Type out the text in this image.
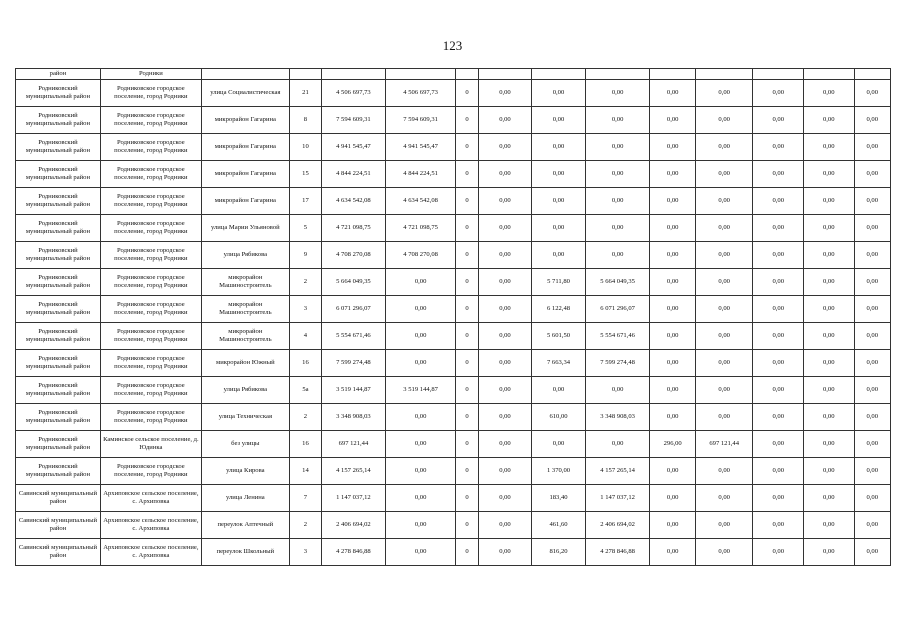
123
район	Родники													
Родниковский муниципальный район	Родниковское городское поселение, город Родники	улица Социалистическая	21	4 506 697,73	4 506 697,73	0	0,00	0,00	0,00	0,00	0,00	0,00	0,00	0,00
Родниковский муниципальный район	Родниковское городское поселение, город Родники	микрорайон Гагарина	8	7 594 609,31	7 594 609,31	0	0,00	0,00	0,00	0,00	0,00	0,00	0,00	0,00
Родниковский муниципальный район	Родниковское городское поселение, город Родники	микрорайон Гагарина	10	4 941 545,47	4 941 545,47	0	0,00	0,00	0,00	0,00	0,00	0,00	0,00	0,00
Родниковский муниципальный район	Родниковское городское поселение, город Родники	микрорайон Гагарина	15	4 844 224,51	4 844 224,51	0	0,00	0,00	0,00	0,00	0,00	0,00	0,00	0,00
Родниковский муниципальный район	Родниковское городское поселение, город Родники	микрорайон Гагарина	17	4 634 542,08	4 634 542,08	0	0,00	0,00	0,00	0,00	0,00	0,00	0,00	0,00
Родниковский муниципальный район	Родниковское городское поселение, город Родники	улица Марии Ульяновой	5	4 721 098,75	4 721 098,75	0	0,00	0,00	0,00	0,00	0,00	0,00	0,00	0,00
Родниковский муниципальный район	Родниковское городское поселение, город Родники	улица Рябикова	9	4 708 270,08	4 708 270,08	0	0,00	0,00	0,00	0,00	0,00	0,00	0,00	0,00
Родниковский муниципальный район	Родниковское городское поселение, город Родники	микрорайон Машиностроитель	2	5 664 049,35	0,00	0	0,00	5 711,80	5 664 049,35	0,00	0,00	0,00	0,00	0,00
Родниковский муниципальный район	Родниковское городское поселение, город Родники	микрорайон Машиностроитель	3	6 071 296,07	0,00	0	0,00	6 122,48	6 071 296,07	0,00	0,00	0,00	0,00	0,00
Родниковский муниципальный район	Родниковское городское поселение, город Родники	микрорайон Машиностроитель	4	5 554 671,46	0,00	0	0,00	5 601,50	5 554 671,46	0,00	0,00	0,00	0,00	0,00
Родниковский муниципальный район	Родниковское городское поселение, город Родники	микрорайон Южный	16	7 599 274,48	0,00	0	0,00	7 663,34	7 599 274,48	0,00	0,00	0,00	0,00	0,00
Родниковский муниципальный район	Родниковское городское поселение, город Родники	улица Рябикова	5а	3 519 144,87	3 519 144,87	0	0,00	0,00	0,00	0,00	0,00	0,00	0,00	0,00
Родниковский муниципальный район	Родниковское городское поселение, город Родники	улица Техническая	2	3 348 908,03	0,00	0	0,00	610,00	3 348 908,03	0,00	0,00	0,00	0,00	0,00
Родниковский муниципальный район	Каминское сельское поселение, д. Юдинка	без улицы	16	697 121,44	0,00	0	0,00	0,00	0,00	296,00	697 121,44	0,00	0,00	0,00
Родниковский муниципальный район	Родниковское городское поселение, город Родники	улица Кирова	14	4 157 265,14	0,00	0	0,00	1 370,00	4 157 265,14	0,00	0,00	0,00	0,00	0,00
Савинский муниципальный район	Архиповское сельское поселение, с. Архиповка	улица Ленина	7	1 147 037,12	0,00	0	0,00	183,40	1 147 037,12	0,00	0,00	0,00	0,00	0,00
Савинский муниципальный район	Архиповское сельское поселение, с. Архиповка	переулок Аптечный	2	2 406 694,02	0,00	0	0,00	461,60	2 406 694,02	0,00	0,00	0,00	0,00	0,00
Савинский муниципальный район	Архиповское сельское поселение, с. Архиповка	переулок Школьный	3	4 278 846,88	0,00	0	0,00	816,20	4 278 846,88	0,00	0,00	0,00	0,00	0,00
